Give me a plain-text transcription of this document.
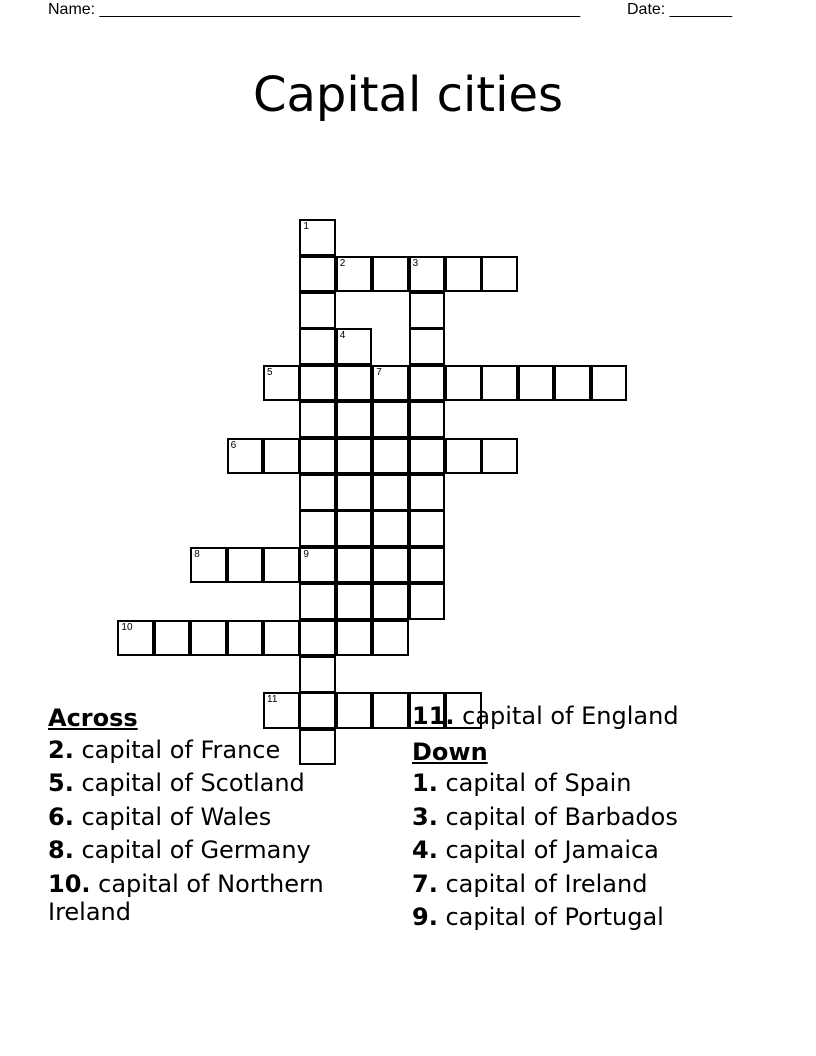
Name: ______________________________________________________	Date: _______
Capital cities
1
9
4
7
3
2
5
6
8
10
11
Across
2. capital of France
5. capital of Scotland
6. capital of Wales
8. capital of Germany
10. capital of Northern Ireland
11. capital of England
Down
1. capital of Spain
3. capital of Barbados
4. capital of Jamaica
7. capital of Ireland
9. capital of Portugal
